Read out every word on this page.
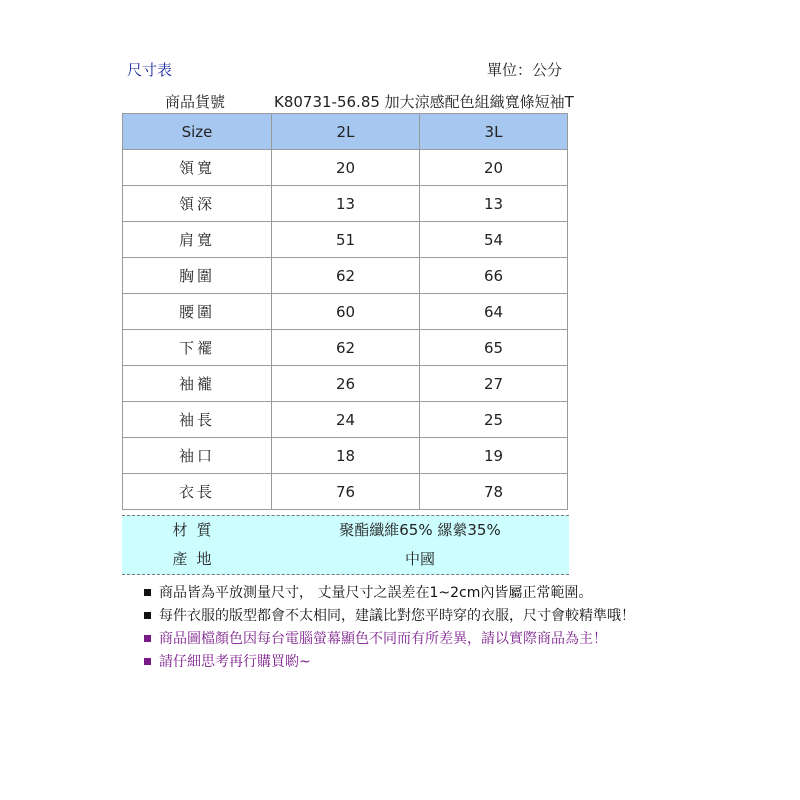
尺寸表	單位：公分
商品貨號	K80731-56.85 加大涼感配色組織寬條短袖T
Size	2L	3L
領寬	20	20
領深	13	13
肩寬	51	54
胸圍	62	66
腰圍	60	64
下襬	62	65
袖襱	26	27
袖長	24	25
袖口	18	19
衣長	76	78
材質	聚酯纖維65% 縲縈35%
產地	中國
商品皆為平放測量尺寸， 丈量尺寸之誤差在1~2cm內皆屬正常範圍。
每件衣服的版型都會不太相同，建議比對您平時穿的衣服，尺寸會較精準哦！
商品圖檔顏色因每台電腦螢幕顯色不同而有所差異，請以實際商品為主！
請仔細思考再行購買喲~
